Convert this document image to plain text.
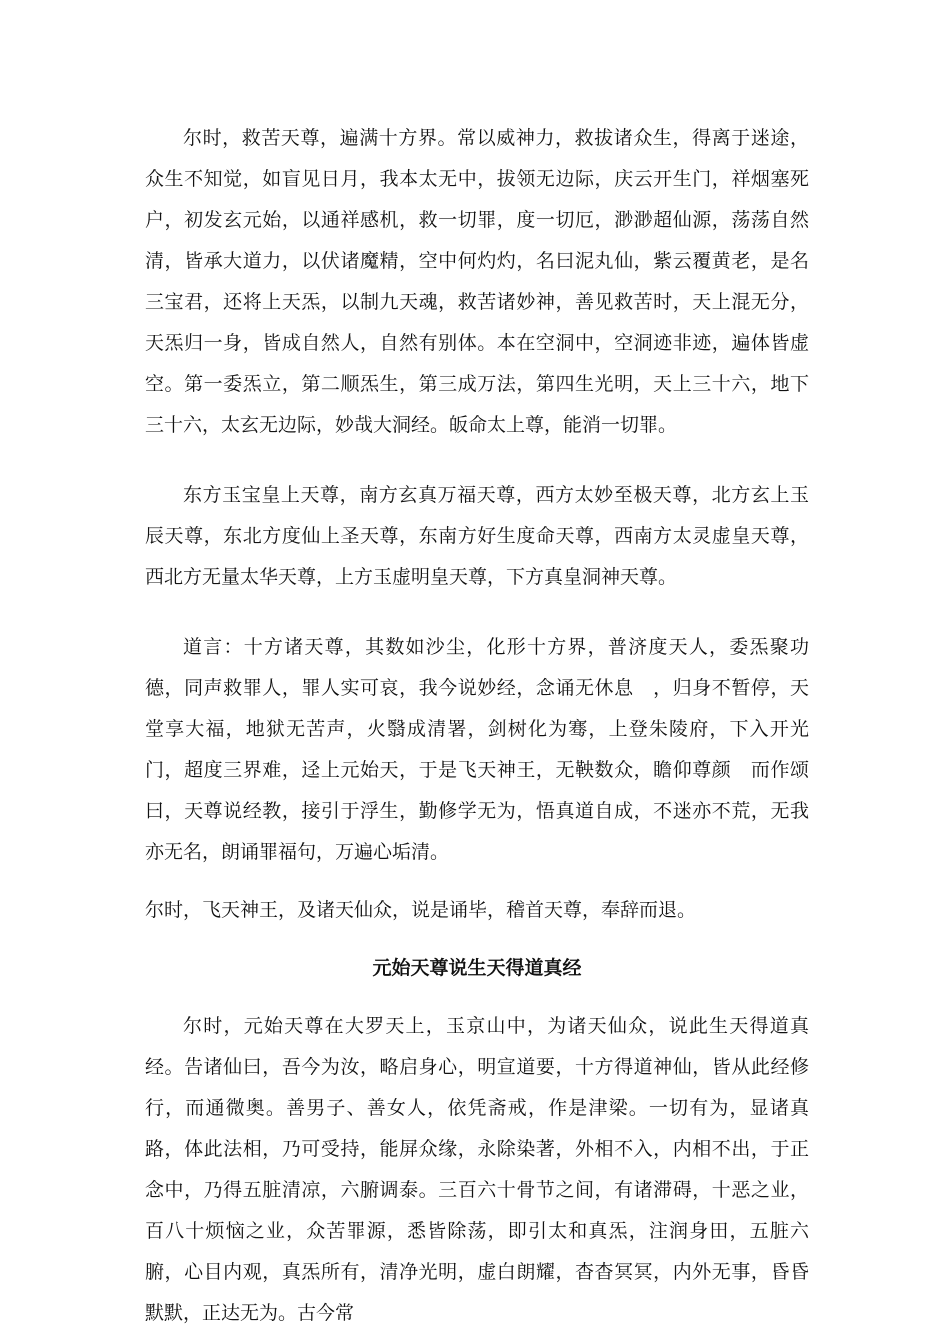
尔时，救苦天尊，遍满十方界。常以威神力，救拔诸众生，得离于迷途，众生不知觉，如盲见日月，我本太无中，拔领无边际，庆云开生门，祥烟塞死户，初发玄元始，以通祥感机，救一切罪，度一切厄，渺渺超仙源，荡荡自然清，皆承大道力，以伏诸魔精，空中何灼灼，名曰泥丸仙，紫云覆黄老，是名三宝君，还将上天炁，以制九天魂，救苦诸妙神，善见救苦时，天上混无分，天炁归一身，皆成自然人，自然有别体。本在空洞中，空洞迹非迹，遍体皆虚空。第一委炁立，第二顺炁生，第三成万法，第四生光明，天上三十六，地下三十六，太玄无边际，妙哉大洞经。皈命太上尊，能消一切罪。

东方玉宝皇上天尊，南方玄真万福天尊，西方太妙至极天尊，北方玄上玉辰天尊，东北方度仙上圣天尊，东南方好生度命天尊，西南方太灵虚皇天尊，西北方无量太华天尊，上方玉虚明皇天尊，下方真皇洞神天尊。

道言：十方诸天尊，其数如沙尘，化形十方界，普济度天人，委炁聚功德，同声救罪人，罪人实可哀，我今说妙经，念诵无休息　，归身不暂停，天堂享大福，地狱无苦声，火翳成清署，剑树化为骞，上登朱陵府，下入开光门，超度三界难，迳上元始天，于是飞天神王，无鞅数众，瞻仰尊颜　而作颂曰，天尊说经教，接引于浮生，勤修学无为，悟真道自成，不迷亦不荒，无我亦无名，朗诵罪福句，万遍心垢清。

尔时，飞天神王，及诸天仙众，说是诵毕，稽首天尊，奉辞而退。

元始天尊说生天得道真经

尔时，元始天尊在大罗天上，玉京山中，为诸天仙众，说此生天得道真经。告诸仙曰，吾今为汝，略启身心，明宣道要，十方得道神仙，皆从此经修行，而通微奥。善男子、善女人，依凭斋戒，作是津梁。一切有为，显诸真路，体此法相，乃可受持，能屏众缘，永除染著，外相不入，内相不出，于正念中，乃得五脏清凉，六腑调泰。三百六十骨节之间，有诸滞碍，十恶之业，百八十烦恼之业，众苦罪源，悉皆除荡，即引太和真炁，注润身田，五脏六腑，心目内观，真炁所有，清净光明，虚白朗耀，杳杳冥冥，内外无事，昏昏默默，正达无为。古今常
